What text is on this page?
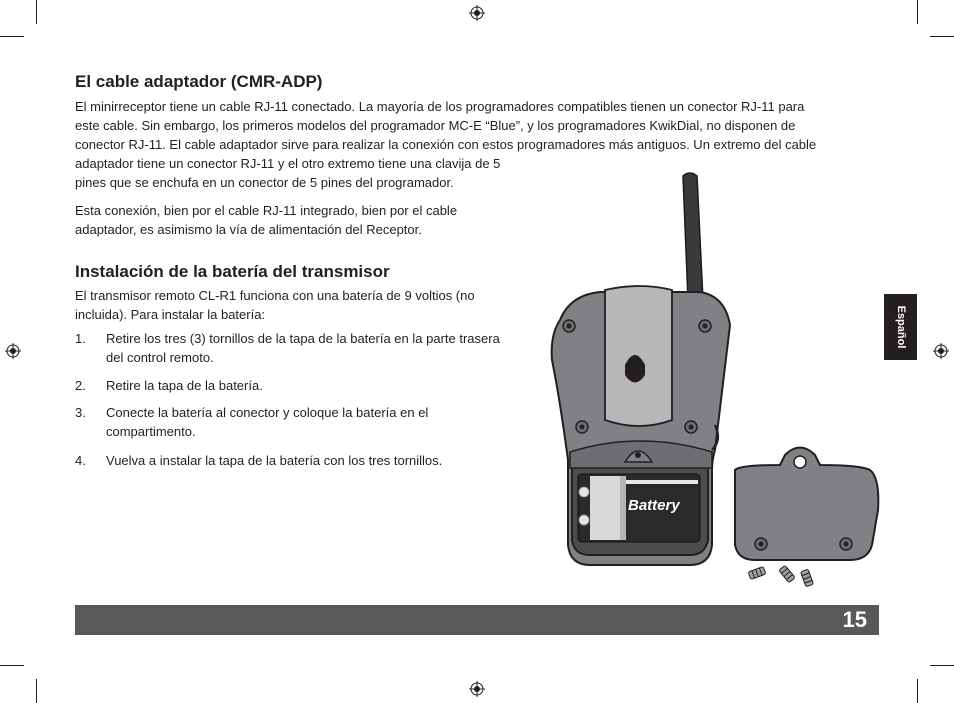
El cable adaptador (CMR-ADP)

El minirreceptor tiene un cable RJ-11 conectado. La mayoría de los programadores compatibles tienen un conector RJ-11 para
este cable. Sin embargo, los primeros modelos del programador MC-E “Blue”, y los programadores KwikDial, no disponen de
conector RJ-11. El cable adaptador sirve para realizar la conexión con estos programadores más antiguos. Un extremo del cable
adaptador tiene un conector RJ-11 y el otro extremo tiene una clavija de 5
pines que se enchufa en un conector de 5 pines del programador.

Esta conexión, bien por el cable RJ-11 integrado, bien por el cable
adaptador, es asimismo la vía de alimentación del Receptor.

Instalación de la batería del transmisor

El transmisor remoto CL-R1 funciona con una batería de 9 voltios (no
incluida). Para instalar la batería:

1. Retire los tres (3) tornillos de la tapa de la batería en la parte trasera
del control remoto.
2. Retire la tapa de la batería.
3. Conecte la batería al conector y coloque la batería en el
compartimento.
4. Vuelva a instalar la tapa de la batería con los tres tornillos.
Battery
Español
15
